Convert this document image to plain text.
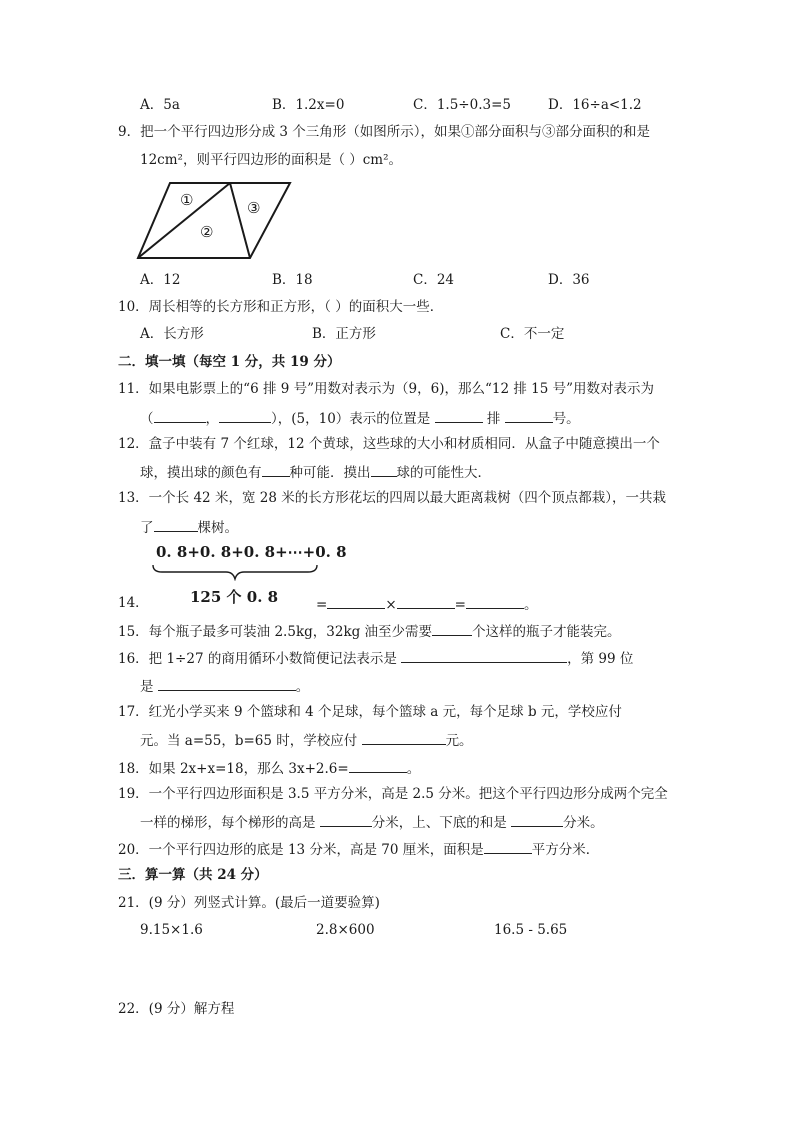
A．5a	B．1.2x=0	C．1.5÷0.3=5	D．16÷a<1.2
9．把一个平行四边形分成 3 个三角形（如图所示），如果①部分面积与③部分面积的和是
12cm²，则平行四边形的面积是（ ）cm²。
①
②
③
A．12	B．18	C．24	D．36
10．周长相等的长方形和正方形，（ ）的面积大一些．
A．长方形	B．正方形	C．不一定
二．填一填（每空 1 分，共 19 分）
11．如果电影票上的“6 排 9 号”用数对表示为（9，6)，那么“12 排 15 号”用数对表示为
（	，	），(5，10）表示的位置是	排	号。
12．盒子中装有 7 个红球，12 个黄球，这些球的大小和材质相同．从盒子中随意摸出一个
球，摸出球的颜色有 种可能．摸出 球的可能性大．
13．一个长 42 米，宽 28 米的长方形花坛的四周以最大距离栽树（四个顶点都栽），一共栽
了	棵树。
0. 8+0. 8+0. 8+⋯+0. 8
125 个 0. 8
14．	=	×	=	。
15．每个瓶子最多可装油 2.5kg，32kg 油至少需要	个这样的瓶子才能装完。
16．把 1÷27 的商用循环小数简便记法表示是	，第 99 位
是	。
17．红光小学买来 9 个篮球和 4 个足球，每个篮球 a 元，每个足球 b 元，学校应付
元。当 a=55，b=65 时，学校应付	元。
18．如果 2x+x=18，那么 3x+2.6=	。
19．一个平行四边形面积是 3.5 平方分米，高是 2.5 分米。把这个平行四边形分成两个完全
一样的梯形，每个梯形的高是	分米，上、下底的和是	分米。
20．一个平行四边形的底是 13 分米，高是 70 厘米，面积是	平方分米．
三．算一算（共 24 分）
21．(9 分）列竖式计算。(最后一道要验算)
9.15×1.6	2.8×600	16.5 - 5.65
22．(9 分）解方程
